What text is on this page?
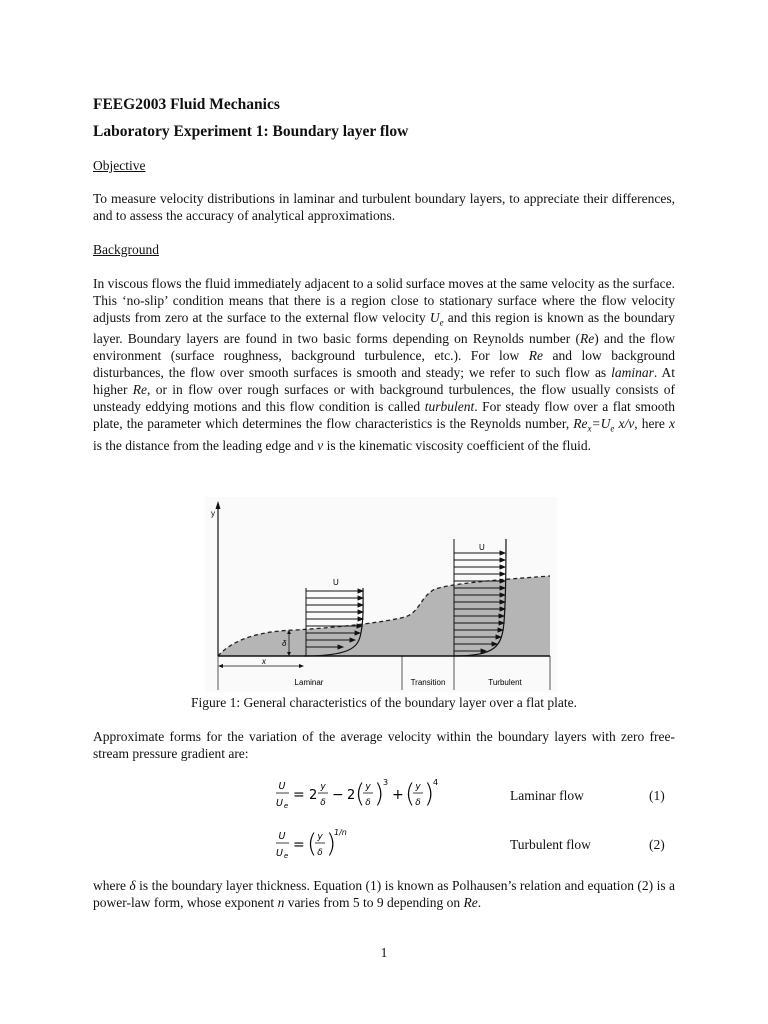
FEEG2003 Fluid Mechanics
Laboratory Experiment 1: Boundary layer flow
Objective
To measure velocity distributions in laminar and turbulent boundary layers, to appreciate their differences, and to assess the accuracy of analytical approximations.
Background
In viscous flows the fluid immediately adjacent to a solid surface moves at the same velocity as the surface. This ‘no-slip’ condition means that there is a region close to stationary surface where the flow velocity adjusts from zero at the surface to the external flow velocity $U_e$ and this region is known as the boundary layer. Boundary layers are found in two basic forms depending on Reynolds number (Re) and the flow environment (surface roughness, background turbulence, etc.). For low Re and low background disturbances, the flow over smooth surfaces is smooth and steady; we refer to such flow as laminar. At higher Re, or in flow over rough surfaces or with background turbulences, the flow usually consists of unsteady eddying motions and this flow condition is called turbulent. For steady flow over a flat smooth plate, the parameter which determines the flow characteristics is the Reynolds number, $Re_x=U_e$ x/ν, here x is the distance from the leading edge and ν is the kinematic viscosity coefficient of the fluid.
y
U
U
δ
x
Laminar	Transition	Turbulent
Figure 1: General characteristics of the boundary layer over a flat plate.
Approximate forms for the variation of the average velocity within the boundary layers with zero free-stream pressure gradient are:
U
U e
= 2
y
δ − 2 ( y
δ )
3
+ ( y
δ )
4
Laminar flow	(1)
U
U e
= ( y
δ )
1/n
Turbulent flow	(2)
where δ is the boundary layer thickness. Equation (1) is known as Polhausen’s relation and equation (2) is a power-law form, whose exponent n varies from 5 to 9 depending on Re.
1
